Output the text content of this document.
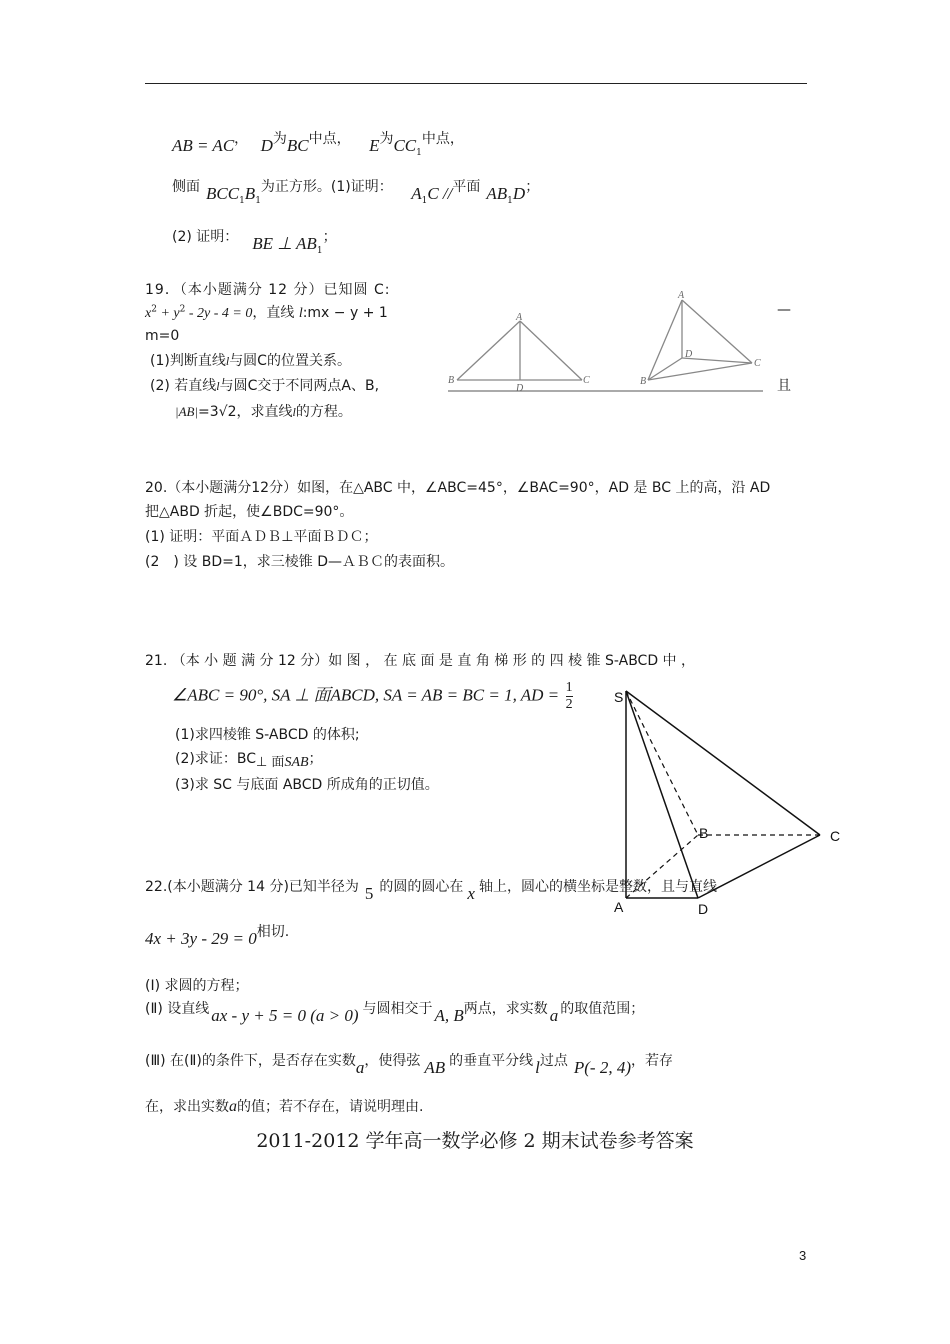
AB = AC， D为BC中点， E为$CC_1$中点，
侧面 $BCC_1B_1$为正方形。(1)证明： $A_1C$ //平面 $AB_1D$；
(2) 证明： BE ⊥ $AB_1$；
19．（本小题满分 12 分）已知圆 C:
$x^2 + y^2 - 2y - 4 = 0$，直线 l:mx − y + 1	—
m=0
(1)判断直线l与圆C的位置关系。
(2) 若直线l与圆C交于不同两点A、B,	且
|AB|=3√2，求直线l的方程。
A
B	C
D
A
B
C
D
20.（本小题满分12分）如图，在△ABC 中，∠ABC=45°，∠BAC=90°，AD 是 BC 上的高，沿 AD
把△ABD 折起，使∠BDC=90°。
(1) 证明：平面ＡＤＢ⊥平面ＢＤＣ；
(2　) 设 BD=1，求三棱锥 D—ＡＢＣ的表面积。
21. （本 小 题 满 分 12 分）如 图 ， 在 底 面 是 直 角 梯 形 的 四 棱 锥 S-ABCD 中 ，
∠ABC = 90°, SA ⊥ 面ABCD, SA = AB = BC = 1, AD = $\frac{1}{2}$
(1)求四棱锥 S-ABCD 的体积;
(2)求证：BC⊥ 面SAB；
(3)求 SC 与底面 ABCD 所成角的正切值。
S
A
B	C
D
22.(本小题满分 14 分)已知半径为 5 的圆的圆心在 x 轴上，圆心的横坐标是整数，且与直线
4x + 3y - 29 = 0相切.
(Ⅰ) 求圆的方程；
(Ⅱ) 设直线 ax - y + 5 = 0 (a > 0) 与圆相交于 A, B两点，求实数 a 的取值范围；
(Ⅲ) 在(Ⅱ)的条件下，是否存在实数a，使得弦 AB 的垂直平分线 l过点 P(- 2, 4)，若存
在，求出实数a的值；若不存在，请说明理由.
2011-2012 学年高一数学必修 2 期末试卷参考答案
3
